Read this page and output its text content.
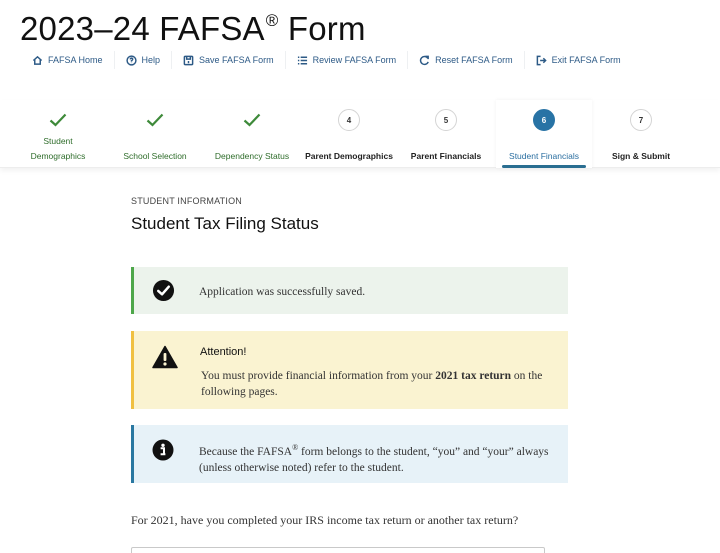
2023–24 FAFSA® Form
FAFSA Home	Help	Save FAFSA Form	Review FAFSA Form	Reset FAFSA Form	Exit FAFSA Form
Student
Demographics	School Selection	Dependency Status
4
Parent Demographics
5
Parent Financials
6
Student Financials
7
Sign & Submit
STUDENT INFORMATION
Student Tax Filing Status
Application was successfully saved.
Attention!
You must provide financial information from your 2021 tax return on the following pages.
Because the FAFSA® form belongs to the student, “you” and “your” always (unless otherwise noted) refer to the student.
For 2021, have you completed your IRS income tax return or another tax return?
